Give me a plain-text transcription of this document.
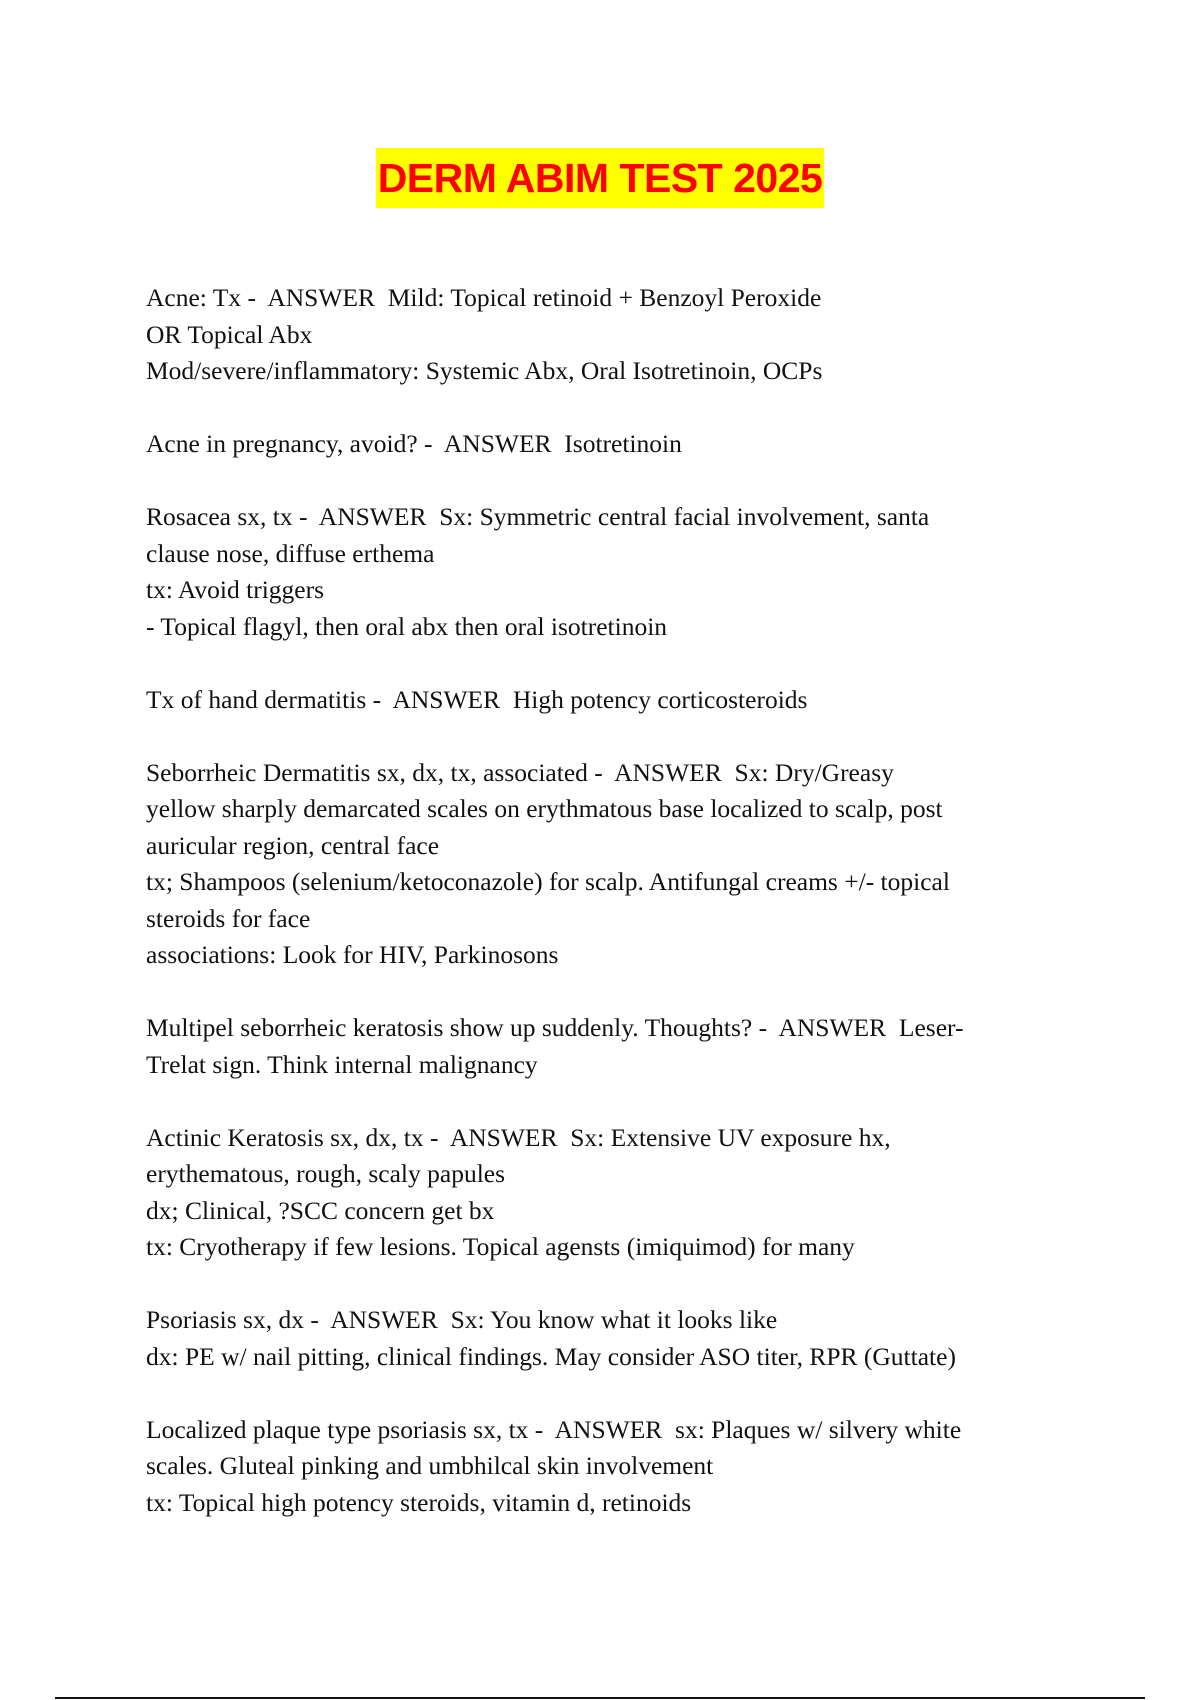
DERM ABIM TEST 2025
Acne: Tx -  ANSWER  Mild: Topical retinoid + Benzoyl Peroxide
OR Topical Abx
Mod/severe/inflammatory: Systemic Abx, Oral Isotretinoin, OCPs
Acne in pregnancy, avoid? -  ANSWER  Isotretinoin
Rosacea sx, tx -  ANSWER  Sx: Symmetric central facial involvement, santa
clause nose, diffuse erthema
tx: Avoid triggers
- Topical flagyl, then oral abx then oral isotretinoin
Tx of hand dermatitis -  ANSWER  High potency corticosteroids
Seborrheic Dermatitis sx, dx, tx, associated -  ANSWER  Sx: Dry/Greasy
yellow sharply demarcated scales on erythmatous base localized to scalp, post
auricular region, central face
tx; Shampoos (selenium/ketoconazole) for scalp. Antifungal creams +/- topical
steroids for face
associations: Look for HIV, Parkinosons
Multipel seborrheic keratosis show up suddenly. Thoughts? -  ANSWER  Leser-
Trelat sign. Think internal malignancy
Actinic Keratosis sx, dx, tx -  ANSWER  Sx: Extensive UV exposure hx,
erythematous, rough, scaly papules
dx; Clinical, ?SCC concern get bx
tx: Cryotherapy if few lesions. Topical agensts (imiquimod) for many
Psoriasis sx, dx -  ANSWER  Sx: You know what it looks like
dx: PE w/ nail pitting, clinical findings. May consider ASO titer, RPR (Guttate)
Localized plaque type psoriasis sx, tx -  ANSWER  sx: Plaques w/ silvery white
scales. Gluteal pinking and umbhilcal skin involvement
tx: Topical high potency steroids, vitamin d, retinoids
